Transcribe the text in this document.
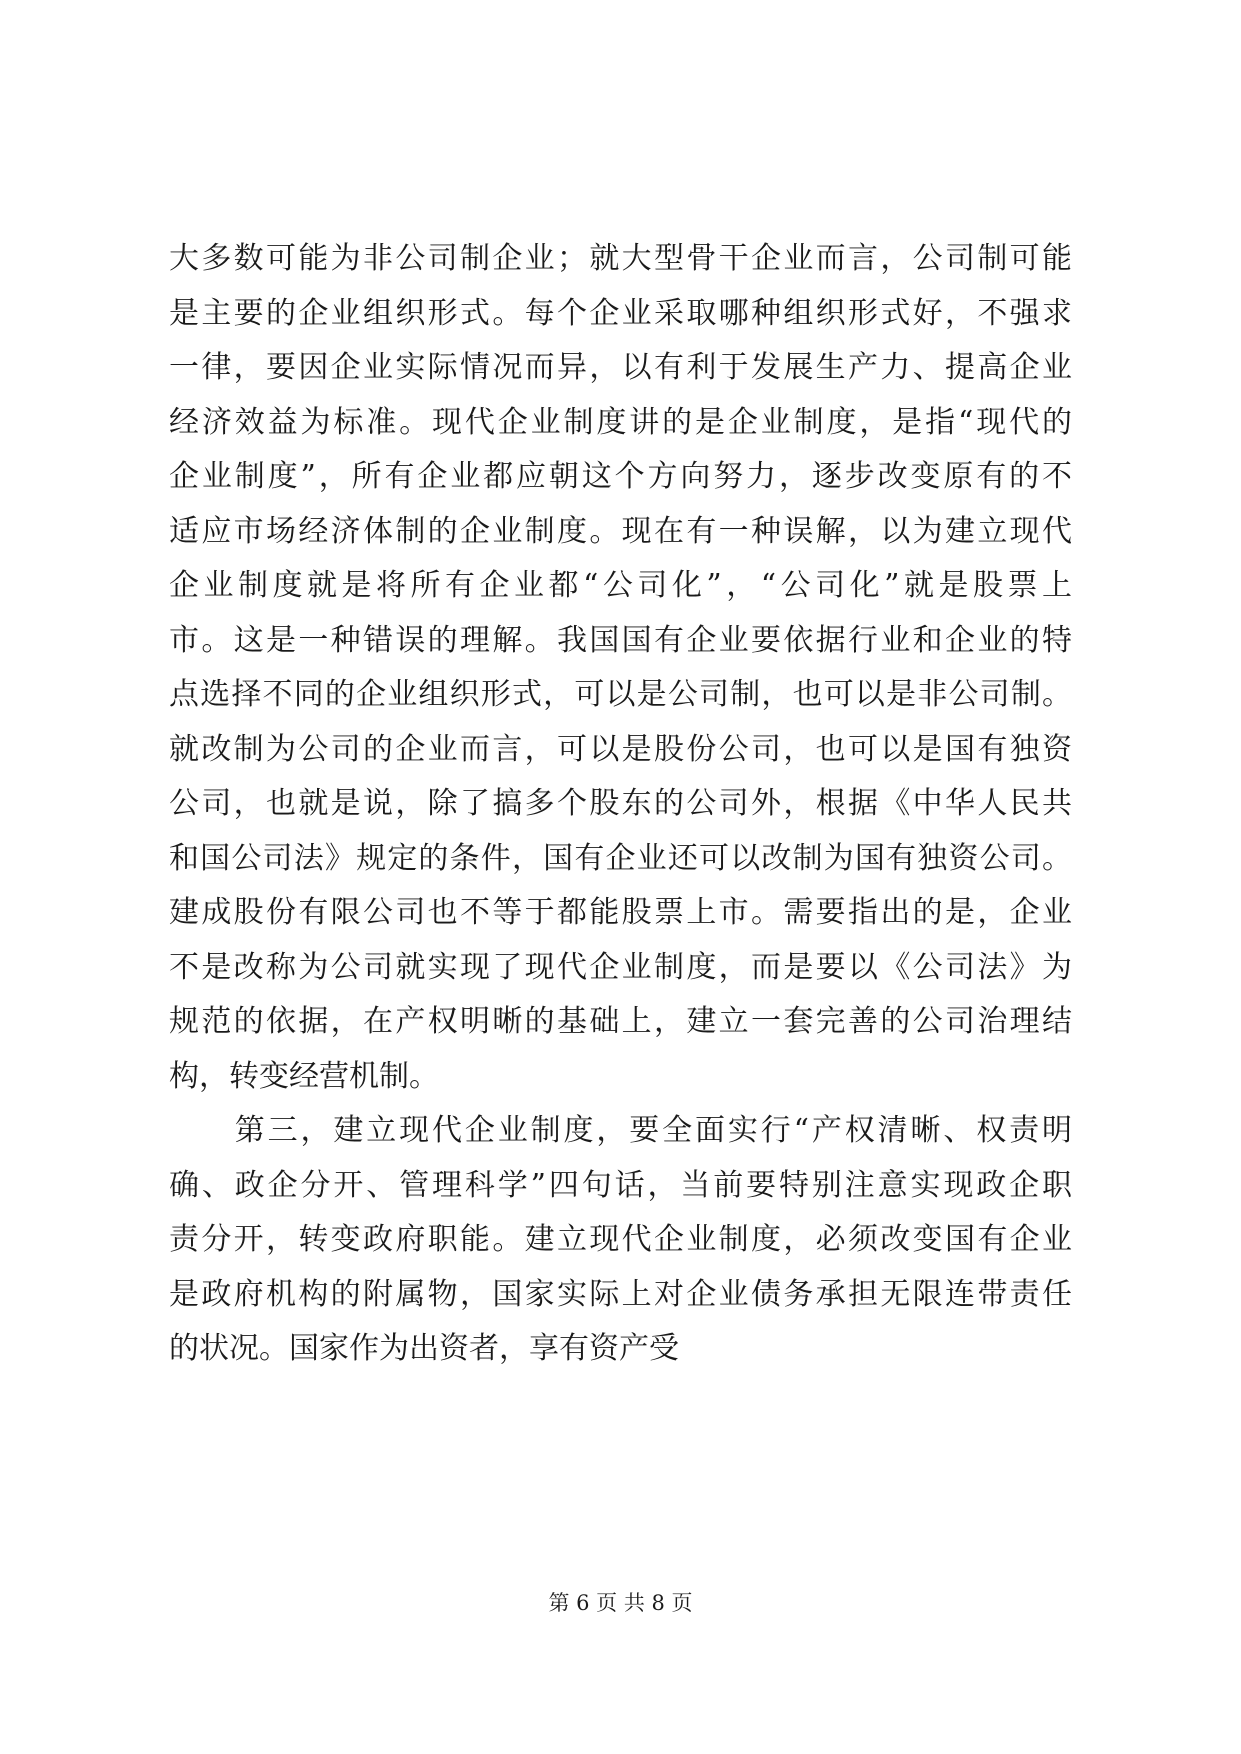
大多数可能为非公司制企业；就大型骨干企业而言，公司制可能
是主要的企业组织形式。每个企业采取哪种组织形式好，不强求
一律，要因企业实际情况而异，以有利于发展生产力、提高企业
经济效益为标准。现代企业制度讲的是企业制度，是指“现代的
企业制度”，所有企业都应朝这个方向努力，逐步改变原有的不
适应市场经济体制的企业制度。现在有一种误解，以为建立现代
企业制度就是将所有企业都“公司化”，“公司化”就是股票上
市。这是一种错误的理解。我国国有企业要依据行业和企业的特
点选择不同的企业组织形式，可以是公司制，也可以是非公司制。
就改制为公司的企业而言，可以是股份公司，也可以是国有独资
公司，也就是说，除了搞多个股东的公司外，根据《中华人民共
和国公司法》规定的条件，国有企业还可以改制为国有独资公司。
建成股份有限公司也不等于都能股票上市。需要指出的是，企业
不是改称为公司就实现了现代企业制度，而是要以《公司法》为
规范的依据，在产权明晰的基础上，建立一套完善的公司治理结
构，转变经营机制。
　　第三，建立现代企业制度，要全面实行“产权清晰、权责明
确、政企分开、管理科学”四句话，当前要特别注意实现政企职
责分开，转变政府职能。建立现代企业制度，必须改变国有企业
是政府机构的附属物，国家实际上对企业债务承担无限连带责任
的状况。国家作为出资者，享有资产受
第 6 页 共 8 页
